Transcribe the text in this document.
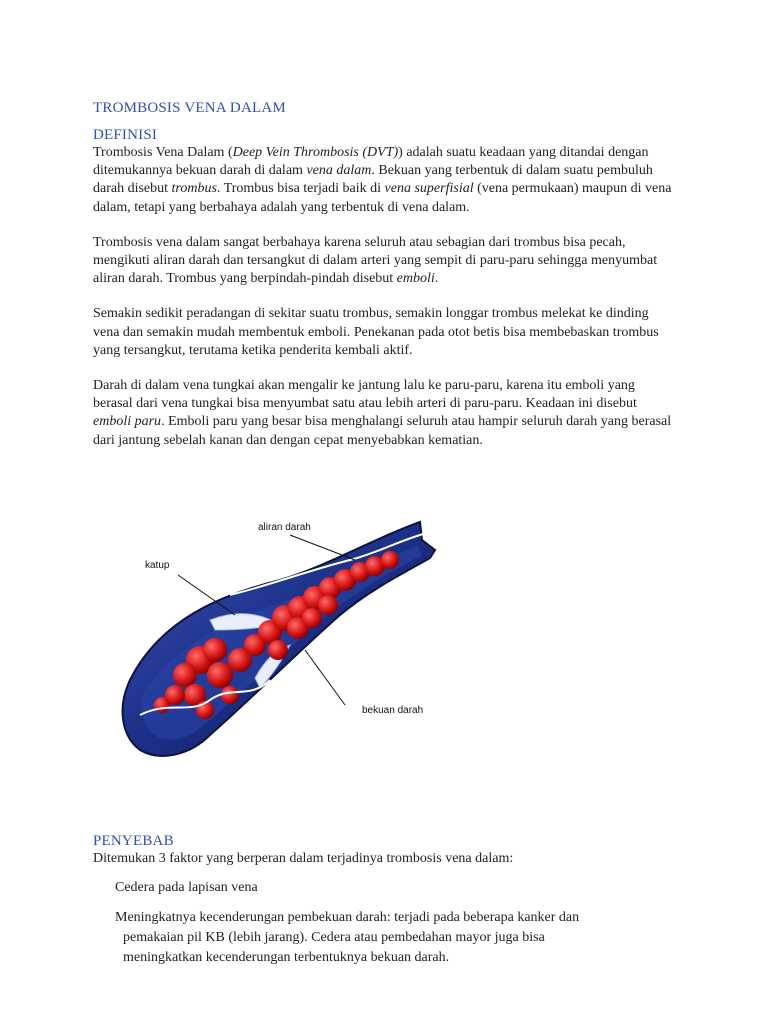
TROMBOSIS VENA DALAM
DEFINISI

Trombosis Vena Dalam (Deep Vein Thrombosis (DVT)) adalah suatu keadaan yang ditandai dengan ditemukannya bekuan darah di dalam vena dalam. Bekuan yang terbentuk di dalam suatu pembuluh darah disebut trombus. Trombus bisa terjadi baik di vena superfisial (vena permukaan) maupun di vena dalam, tetapi yang berbahaya adalah yang terbentuk di vena dalam.

Trombosis vena dalam sangat berbahaya karena seluruh atau sebagian dari trombus bisa pecah, mengikuti aliran darah dan tersangkut di dalam arteri yang sempit di paru-paru sehingga menyumbat aliran darah. Trombus yang berpindah-pindah disebut emboli.

Semakin sedikit peradangan di sekitar suatu trombus, semakin longgar trombus melekat ke dinding vena dan semakin mudah membentuk emboli. Penekanan pada otot betis bisa membebaskan trombus yang tersangkut, terutama ketika penderita kembali aktif.

Darah di dalam vena tungkai akan mengalir ke jantung lalu ke paru-paru, karena itu emboli yang berasal dari vena tungkai bisa menyumbat satu atau lebih arteri di paru-paru. Keadaan ini disebut emboli paru. Emboli paru yang besar bisa menghalangi seluruh atau hampir seluruh darah yang berasal dari jantung sebelah kanan dan dengan cepat menyebabkan kematian.

aliran darah
katup
bekuan darah
PENYEBAB

Ditemukan 3 faktor yang berperan dalam terjadinya trombosis vena dalam:

Cedera pada lapisan vena
Meningkatnya kecenderungan pembekuan darah: terjadi pada beberapa kanker dan
pemakaian pil KB (lebih jarang). Cedera atau pembedahan mayor juga bisa
meningkatkan kecenderungan terbentuknya bekuan darah.
